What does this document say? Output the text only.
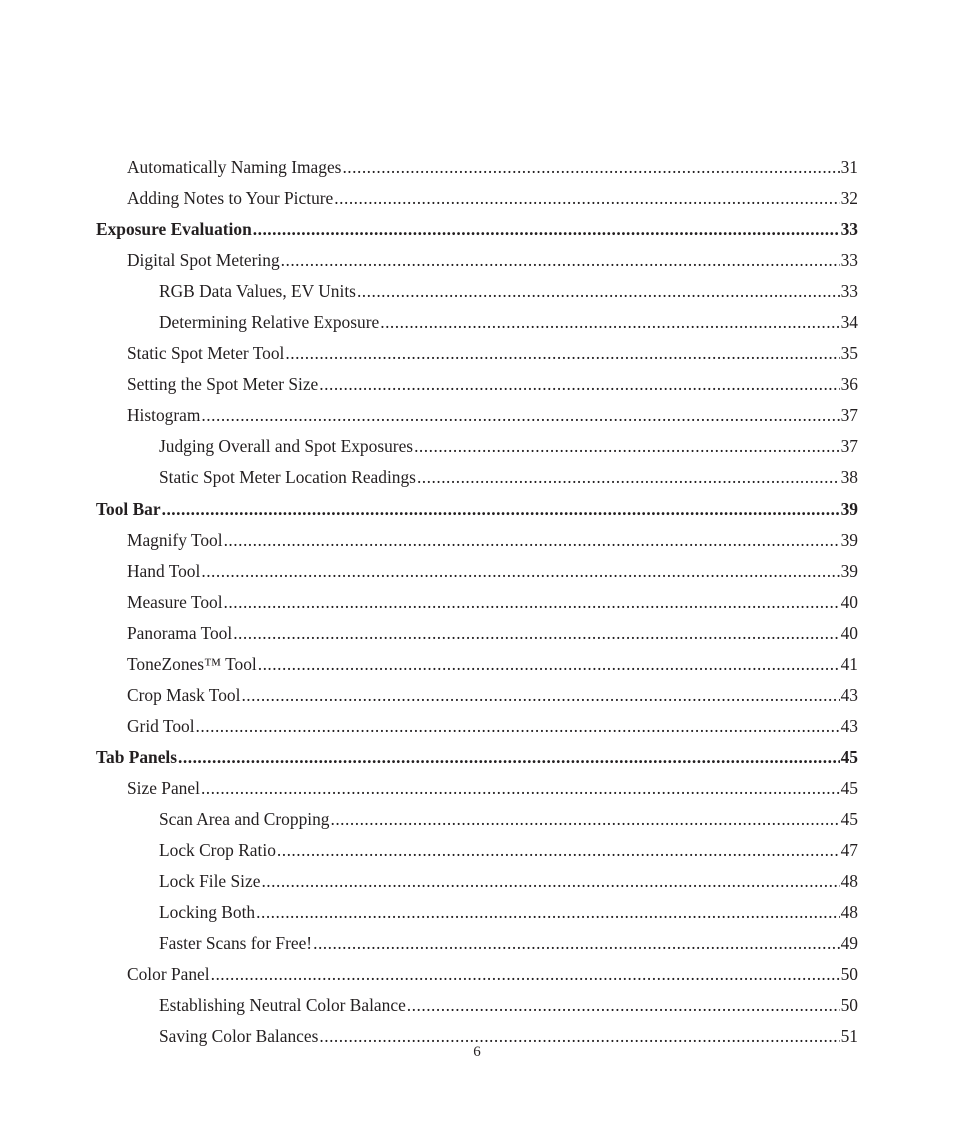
Automatically Naming Images .....	31
Adding Notes to Your Picture .....	32
Exposure Evaluation .....	33
Digital Spot Metering .....	33
RGB Data Values, EV Units .....	33
Determining Relative Exposure .....	34
Static Spot Meter Tool .....	35
Setting the Spot Meter Size .....	36
Histogram .....	37
Judging Overall and Spot Exposures .....	37
Static Spot Meter Location Readings .....	38
Tool Bar .....	39
Magnify Tool .....	39
Hand Tool .....	39
Measure Tool .....	40
Panorama Tool .....	40
ToneZones™ Tool .....	41
Crop Mask Tool .....	43
Grid Tool .....	43
Tab Panels .....	45
Size Panel .....	45
Scan Area and Cropping .....	45
Lock Crop Ratio .....	47
Lock File Size .....	48
Locking Both .....	48
Faster Scans for Free! .....	49
Color Panel .....	50
Establishing Neutral Color Balance .....	50
Saving Color Balances .....	51
6
